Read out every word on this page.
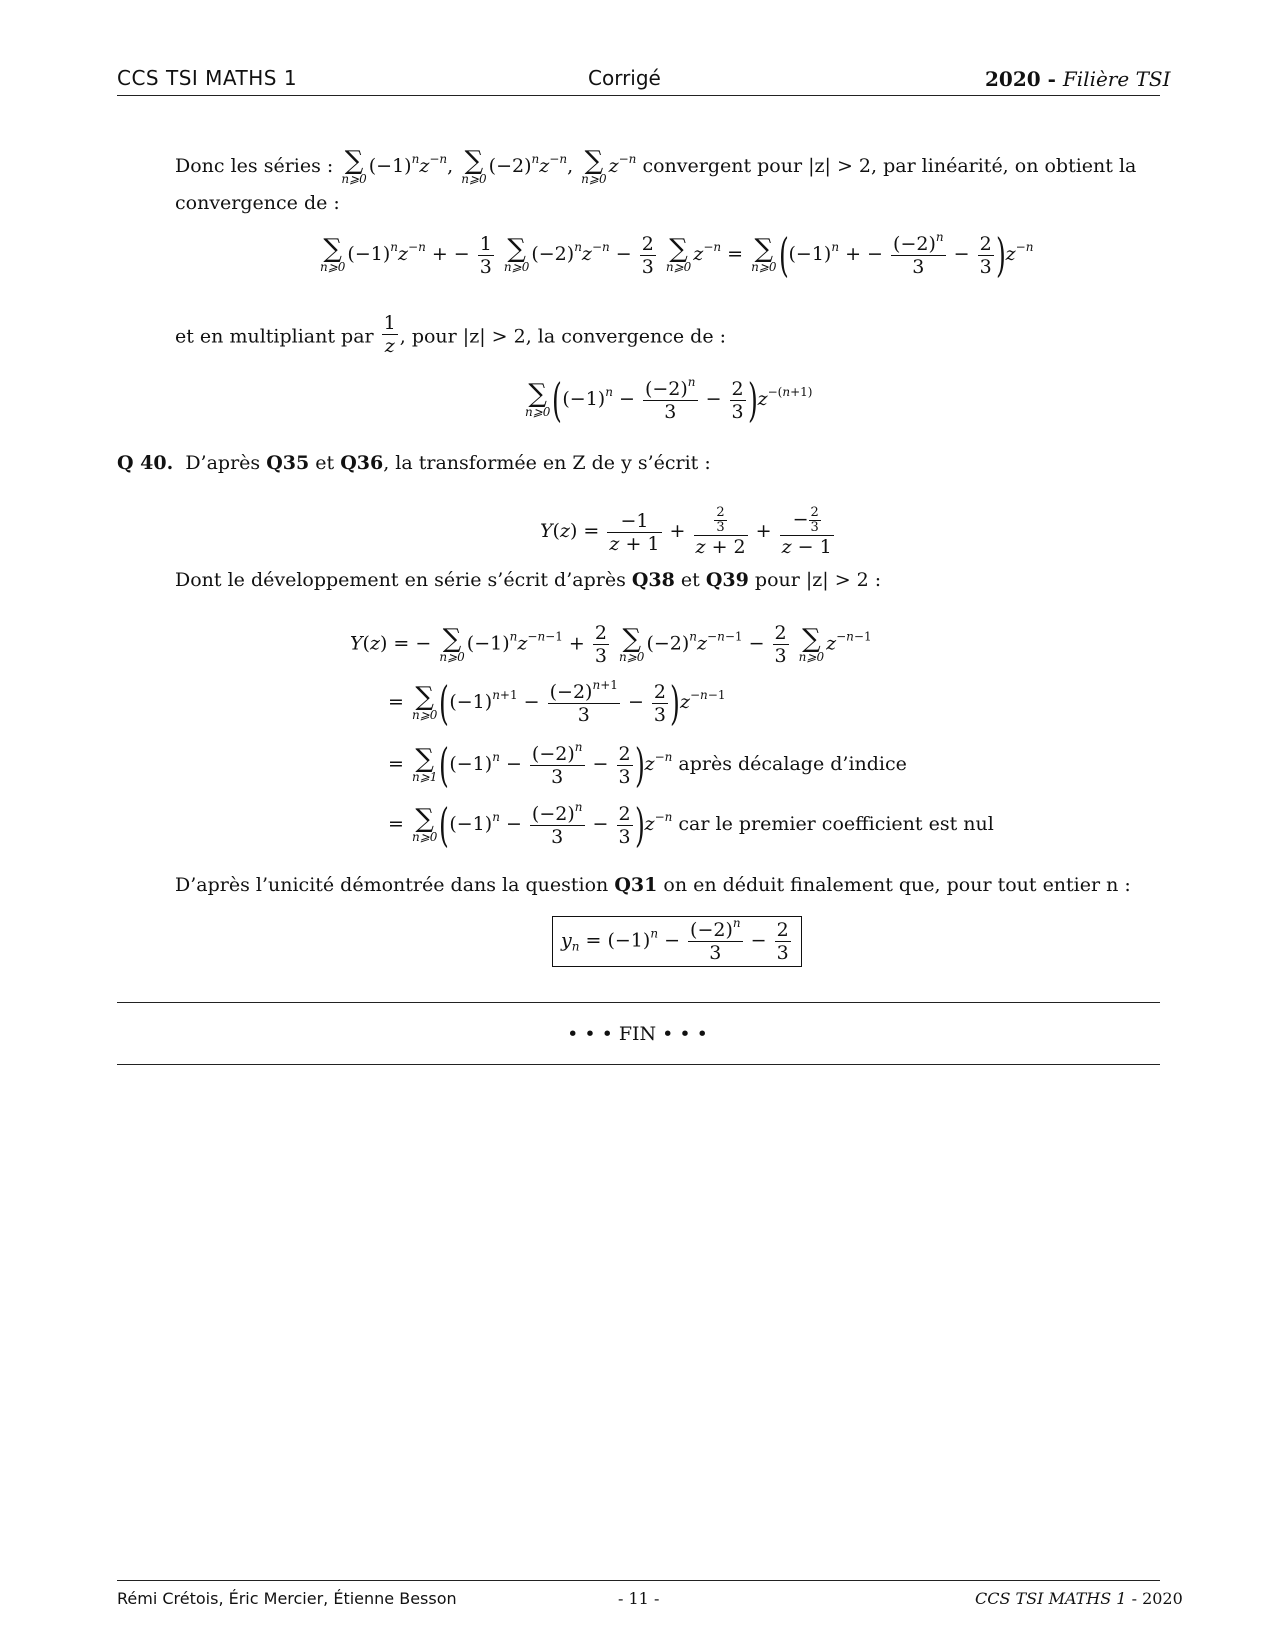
CCS TSI MATHS 1	Corrigé	2020 - Filière TSI
Donc les séries : ∑
n⩾0
$(-1)^nz^{-n}$, ∑
n⩾0
$(-2)^nz^{-n}$, ∑
n⩾0
$z^{-n}$ convergent pour |z| > 2, par linéarité, on obtient la
convergence de :
∑
n⩾0
$(-1)^nz^{-n}$ + − $\frac{1}{3}$
∑
n⩾0
$(-2)^nz^{-n} - \frac{2}{3}$
∑
n⩾0
$z^{-n}$ = ∑
n⩾0 ($(-1)^n$ + − $\frac{(-2)^n}{3} - \frac{2}{3} )z^{-n}$
et en multipliant par $\frac{1}{z}$ , pour |z| > 2, la convergence de :
∑
n⩾0 $((-1)^n - \frac{(-2)^n}{3} - \frac{2}{3} )z^{-(n+1)}$
Q 40. D’après Q35 et Q36, la transformée en Z de y s’écrit :
$Y(z) = \frac{-1}{z + 1} + \frac{\frac{2}{3}}{z + 2} + \frac{- \frac{2}{3}}{z - 1}$
Dont le développement en série s’écrit d’après Q38 et Q39 pour |z| > 2 :
Y(z) = − ∑
n⩾0
$(-1)^nz^{-n-1} + \frac{2}{3}$
∑
n⩾0
$(-2)^nz^{-n-1} - \frac{2}{3}$
∑
n⩾0
$z^{-n-1}$
= ∑
n⩾0 $((-1)^{n+1} - \frac{(-2)^{n+1}}{3} - \frac{2}{3} )z^{-n-1}$
= ∑
n⩾1 $((-1)^n - \frac{(-2)^n}{3} - \frac{2}{3} )z^{-n}$ après décalage d’indice
= ∑
n⩾0 $((-1)^n - \frac{(-2)^n}{3} - \frac{2}{3} )z^{-n}$ car le premier coefficient est nul
D’après l’unicité démontrée dans la question Q31 on en déduit finalement que, pour tout entier n :
$y_n = (-1)^n - \frac{(-2)^n}{3} - \frac{2}{3}$
• • • FIN • • •
Rémi Crétois, Éric Mercier, Étienne Besson	- 11 -	CCS TSI MATHS 1 - 2020
